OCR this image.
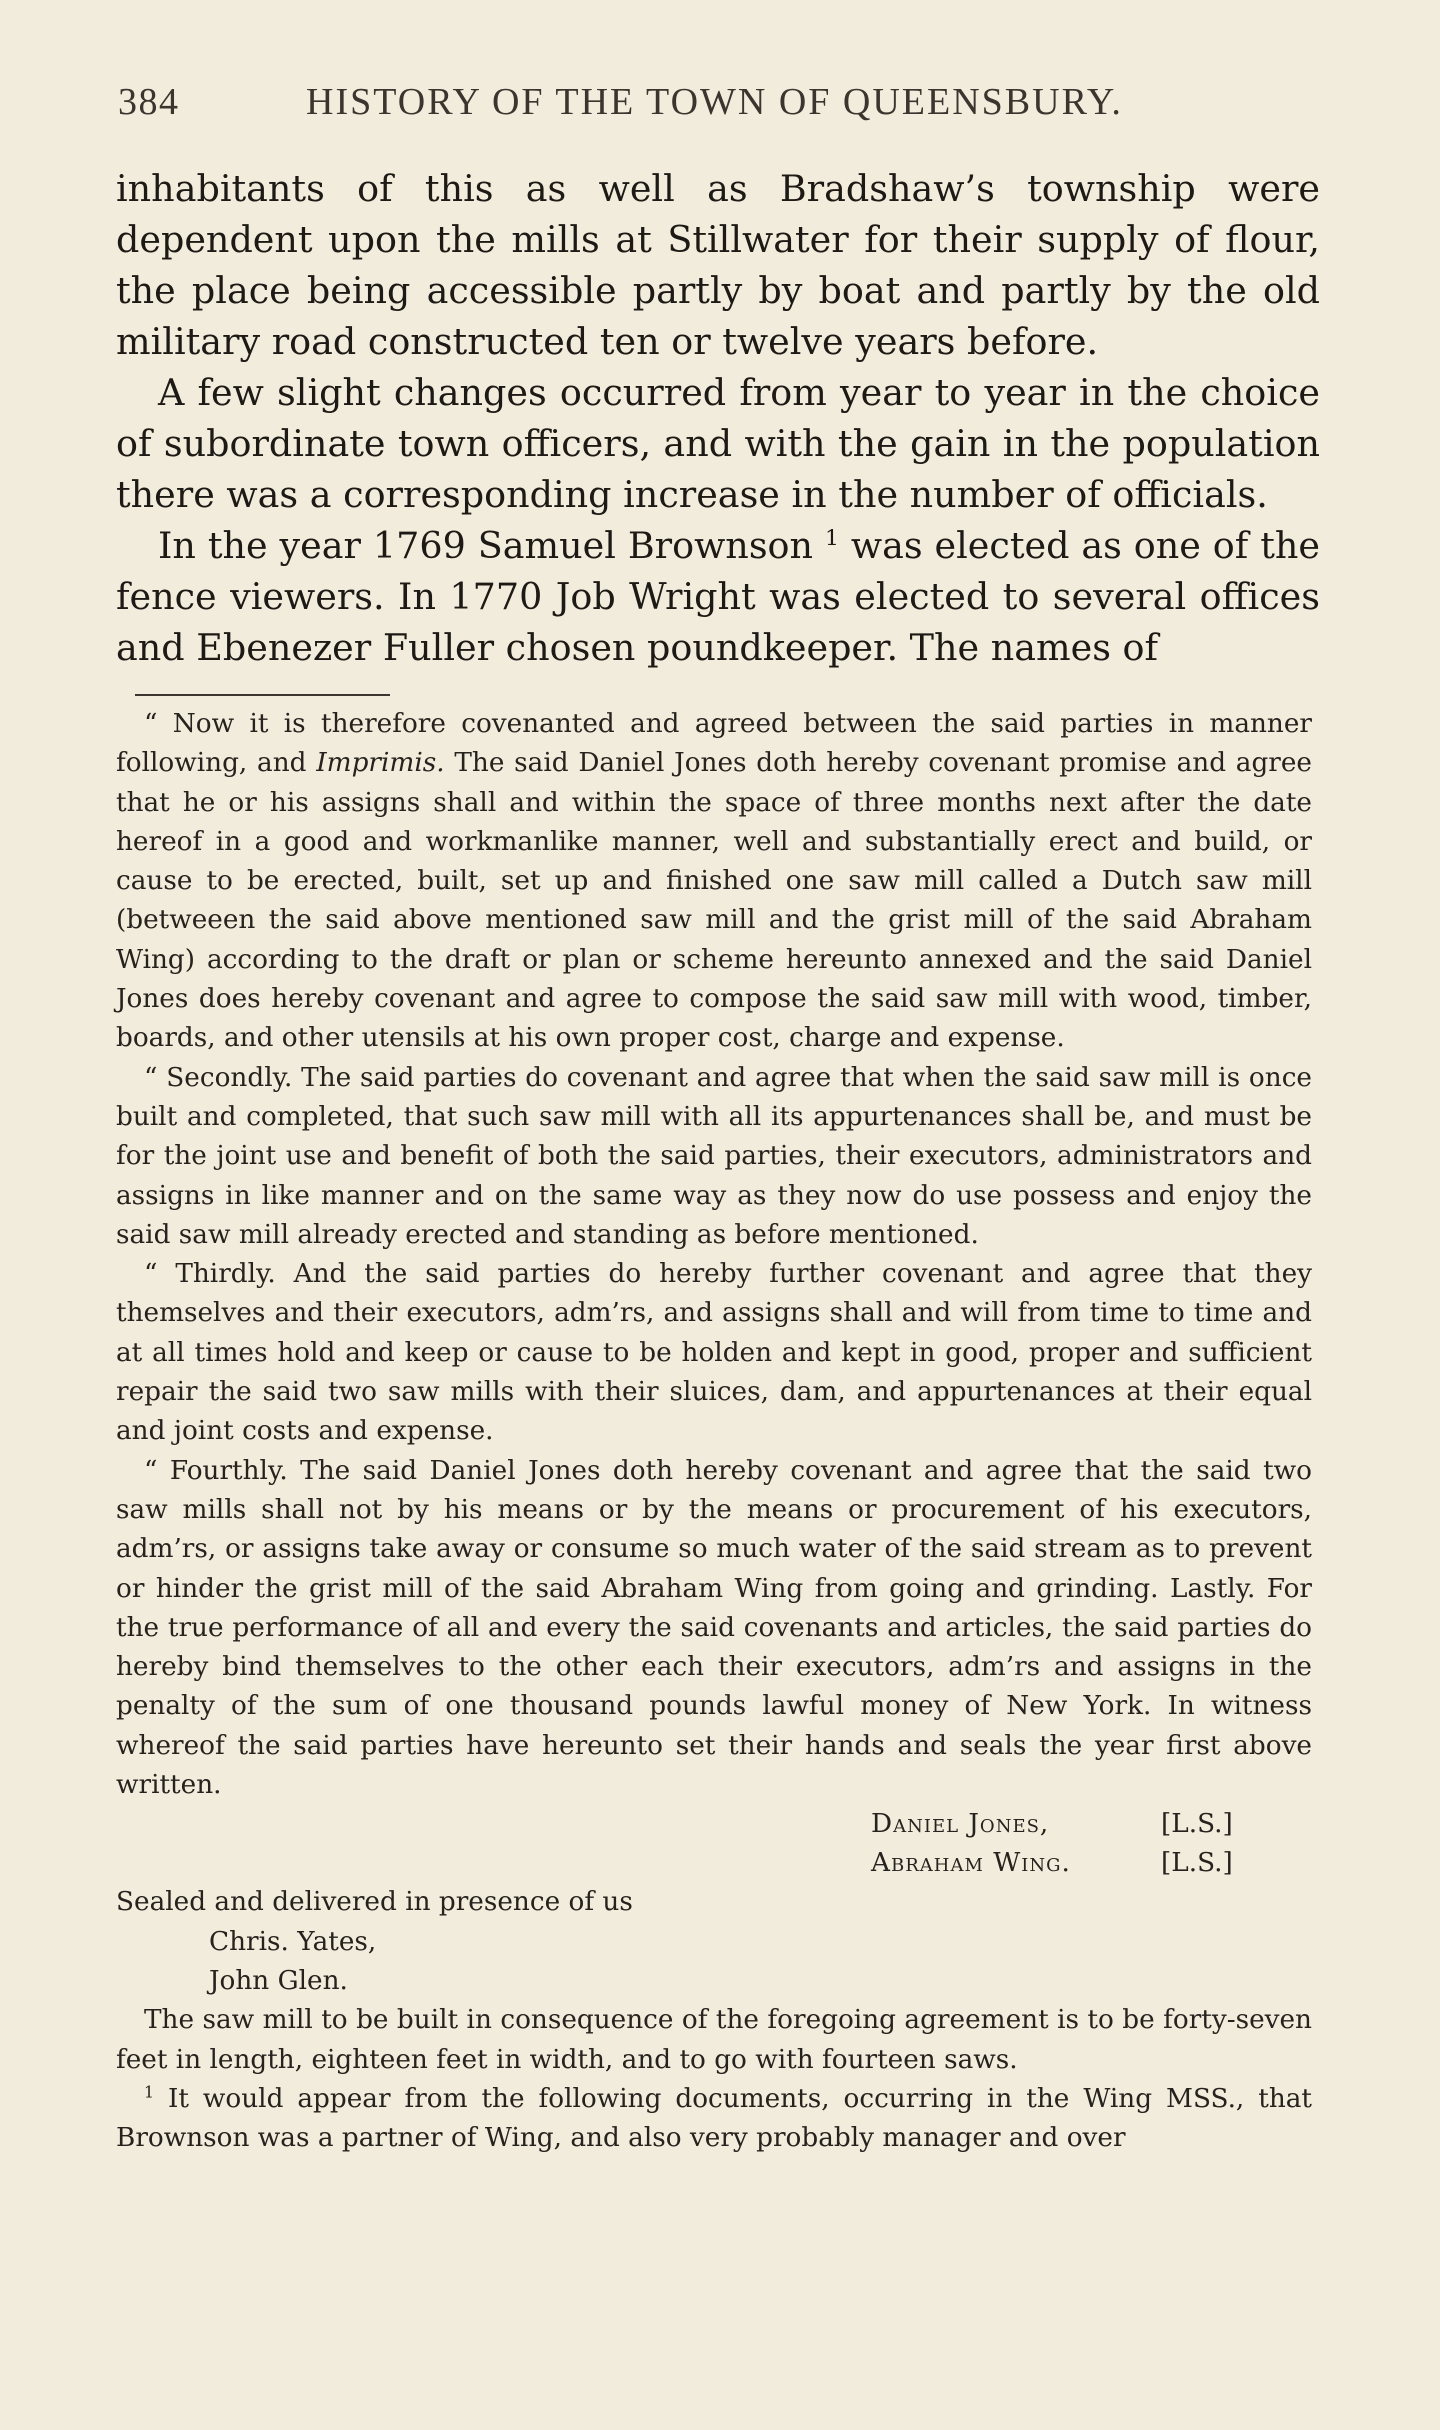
384	HISTORY OF THE TOWN OF QUEENSBURY.

inhabitants of this as well as Bradshaw’s township were dependent upon the mills at Stillwater for their supply of flour, the place being accessible partly by boat and partly by the old military road constructed ten or twelve years before.

A few slight changes occurred from year to year in the choice of subordinate town officers, and with the gain in the population there was a corresponding increase in the number of officials.

In the year 1769 Samuel Brownson $^1$ was elected as one of the fence viewers. In 1770 Job Wright was elected to several offices and Ebenezer Fuller chosen poundkeeper. The names of

“ Now it is therefore covenanted and agreed between the said parties in manner following, and Imprimis. The said Daniel Jones doth hereby covenant promise and agree that he or his assigns shall and within the space of three months next after the date hereof in a good and workmanlike manner, well and substantially erect and build, or cause to be erected, built, set up and finished one saw mill called a Dutch saw mill (betweeen the said above mentioned saw mill and the grist mill of the said Abraham Wing) according to the draft or plan or scheme hereunto annexed and the said Daniel Jones does hereby covenant and agree to compose the said saw mill with wood, timber, boards, and other utensils at his own proper cost, charge and expense.

“ Secondly. The said parties do covenant and agree that when the said saw mill is once built and completed, that such saw mill with all its appurtenances shall be, and must be for the joint use and benefit of both the said parties, their executors, administrators and assigns in like manner and on the same way as they now do use possess and enjoy the said saw mill already erected and standing as before mentioned.

“ Thirdly. And the said parties do hereby further covenant and agree that they themselves and their executors, adm’rs, and assigns shall and will from time to time and at all times hold and keep or cause to be holden and kept in good, proper and sufficient repair the said two saw mills with their sluices, dam, and appurtenances at their equal and joint costs and expense.

“ Fourthly. The said Daniel Jones doth hereby covenant and agree that the said two saw mills shall not by his means or by the means or procurement of his executors, adm’rs, or assigns take away or consume so much water of the said stream as to prevent or hinder the grist mill of the said Abraham Wing from going and grinding. Lastly. For the true performance of all and every the said covenants and articles, the said parties do hereby bind themselves to the other each their executors, adm’rs and assigns in the penalty of the sum of one thousand pounds lawful money of New York. In witness whereof the said parties have hereunto set their hands and seals the year first above written.

Daniel Jones,	[L.S.]
Abraham Wing.	[L.S.]

Sealed and delivered in presence of us

Chris. Yates,

John Glen.

The saw mill to be built in consequence of the foregoing agreement is to be forty-seven feet in length, eighteen feet in width, and to go with fourteen saws.

$^1$ It would appear from the following documents, occurring in the Wing MSS., that Brownson was a partner of Wing, and also very probably manager and over
